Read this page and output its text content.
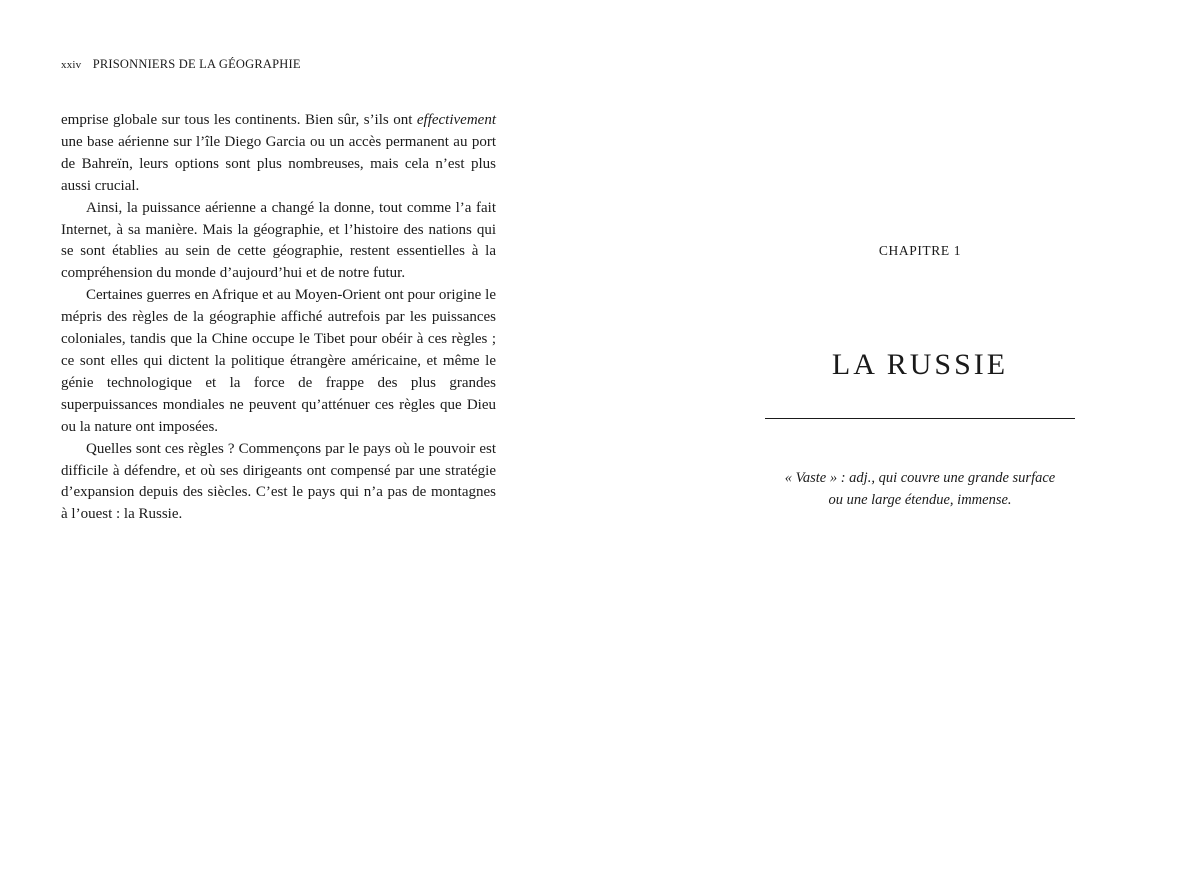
xxiv PRISONNIERS DE LA GÉOGRAPHIE

emprise globale sur tous les continents. Bien sûr, s’ils ont effectivement une base aérienne sur l’île Diego Garcia ou un accès permanent au port de Bahreïn, leurs options sont plus nombreuses, mais cela n’est plus aussi crucial.

Ainsi, la puissance aérienne a changé la donne, tout comme l’a fait Internet, à sa manière. Mais la géographie, et l’histoire des nations qui se sont établies au sein de cette géographie, restent essentielles à la compréhension du monde d’aujourd’hui et de notre futur.

Certaines guerres en Afrique et au Moyen-Orient ont pour origine le mépris des règles de la géographie affiché autrefois par les puissances coloniales, tandis que la Chine occupe le Tibet pour obéir à ces règles ; ce sont elles qui dictent la politique étrangère américaine, et même le génie technologique et la force de frappe des plus grandes superpuissances mondiales ne peuvent qu’atténuer ces règles que Dieu ou la nature ont imposées.

Quelles sont ces règles ? Commençons par le pays où le pouvoir est difficile à défendre, et où ses dirigeants ont compensé par une stratégie d’expansion depuis des siècles. C’est le pays qui n’a pas de montagnes à l’ouest : la Russie.

CHAPITRE 1
LA RUSSIE
« Vaste » : adj., qui couvre une grande surface
ou une large étendue, immense.
